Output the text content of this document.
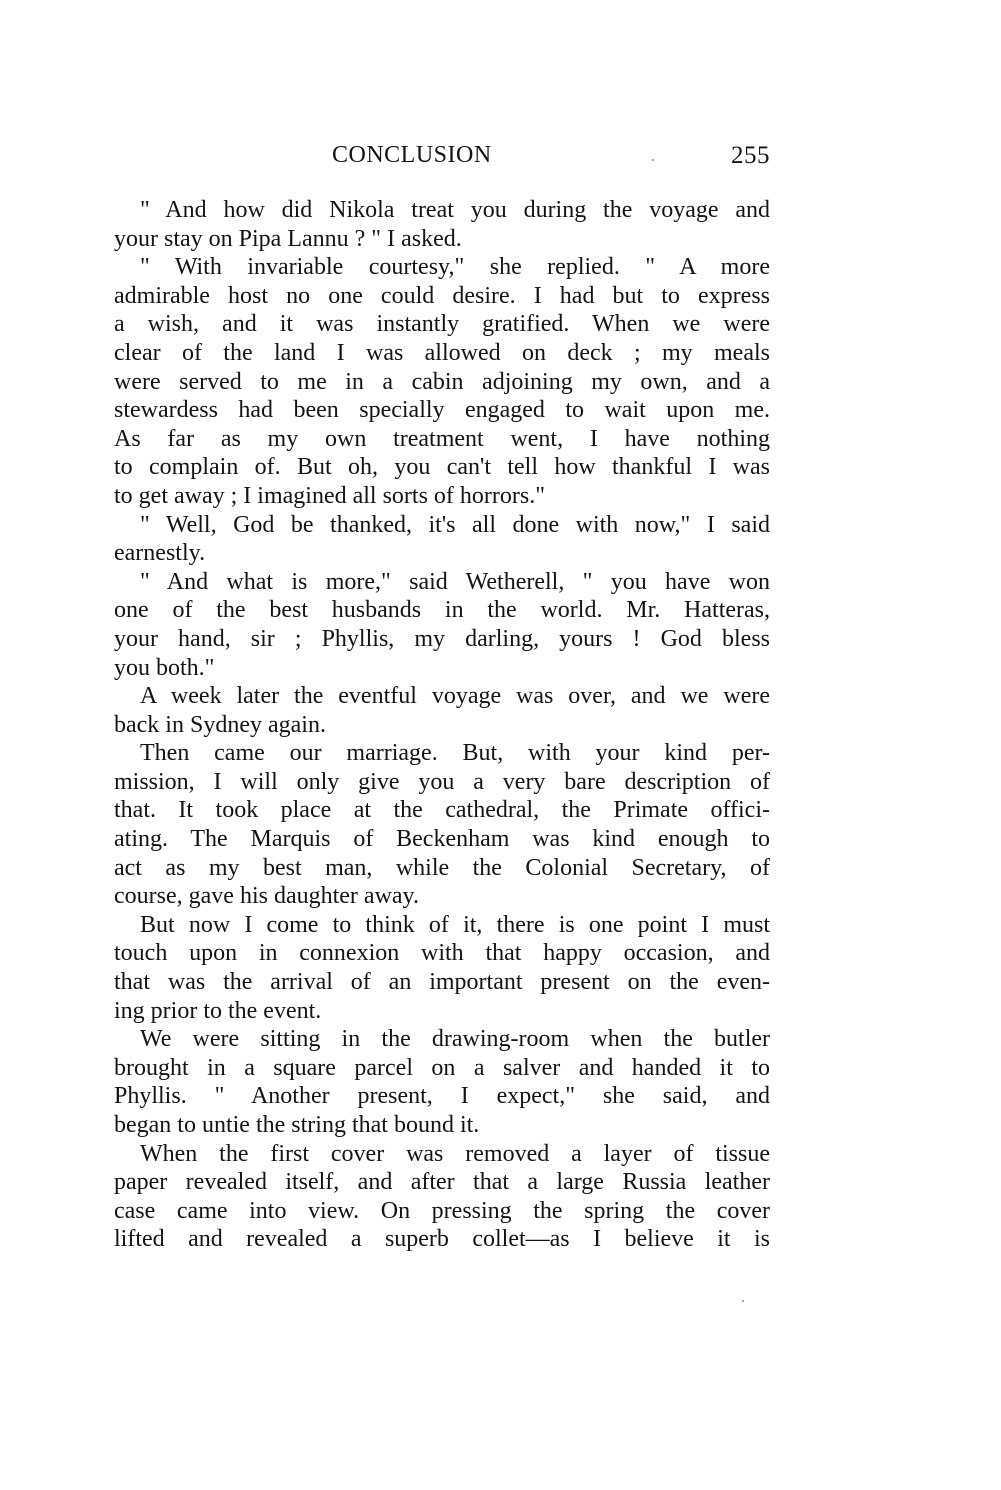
CONCLUSION	255

" And how did Nikola treat you during the voyage and
your stay on Pipa Lannu ? " I asked.

" With invariable courtesy," she replied. " A more
admirable host no one could desire. I had but to express
a wish, and it was instantly gratified. When we were
clear of the land I was allowed on deck ; my meals
were served to me in a cabin adjoining my own, and a
stewardess had been specially engaged to wait upon me.
As far as my own treatment went, I have nothing
to complain of. But oh, you can't tell how thankful I was
to get away ; I imagined all sorts of horrors."

" Well, God be thanked, it's all done with now," I said
earnestly.

" And what is more," said Wetherell, " you have won
one of the best husbands in the world. Mr. Hatteras,
your hand, sir ; Phyllis, my darling, yours ! God bless
you both."

A week later the eventful voyage was over, and we were
back in Sydney again.

Then came our marriage. But, with your kind per-
mission, I will only give you a very bare description of
that. It took place at the cathedral, the Primate offici-
ating. The Marquis of Beckenham was kind enough to
act as my best man, while the Colonial Secretary, of
course, gave his daughter away.

But now I come to think of it, there is one point I must
touch upon in connexion with that happy occasion, and
that was the arrival of an important present on the even-
ing prior to the event.

We were sitting in the drawing-room when the butler
brought in a square parcel on a salver and handed it to
Phyllis. " Another present, I expect," she said, and
began to untie the string that bound it.

When the first cover was removed a layer of tissue
paper revealed itself, and after that a large Russia leather
case came into view. On pressing the spring the cover
lifted and revealed a superb collet—as I believe it is
